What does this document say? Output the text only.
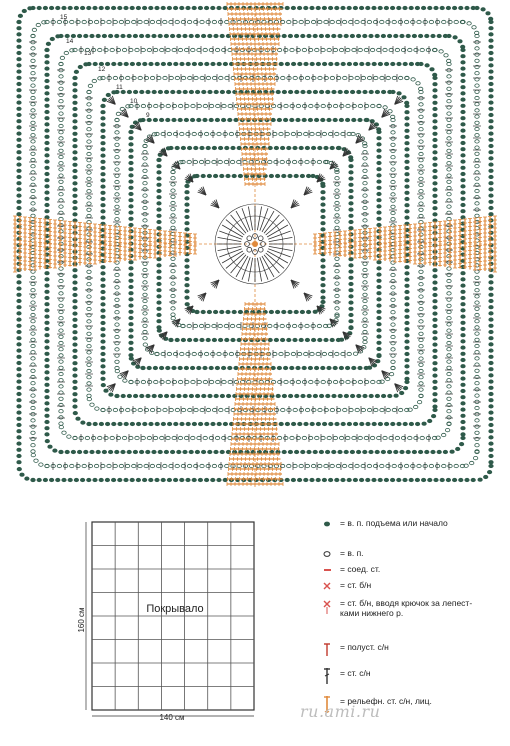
15
14
13
12
11
10
9
Покрывало
140 см
160 см
= в. п. подъема или начало
= в. п.
= соед. ст.
= ст. б/н
= ст. б/н, вводя крючок за лепест- ками нижнего р.
= полуст. с/н
= ст. с/н
= рельефн. ст. с/н, лиц.
ru.ami.ru
